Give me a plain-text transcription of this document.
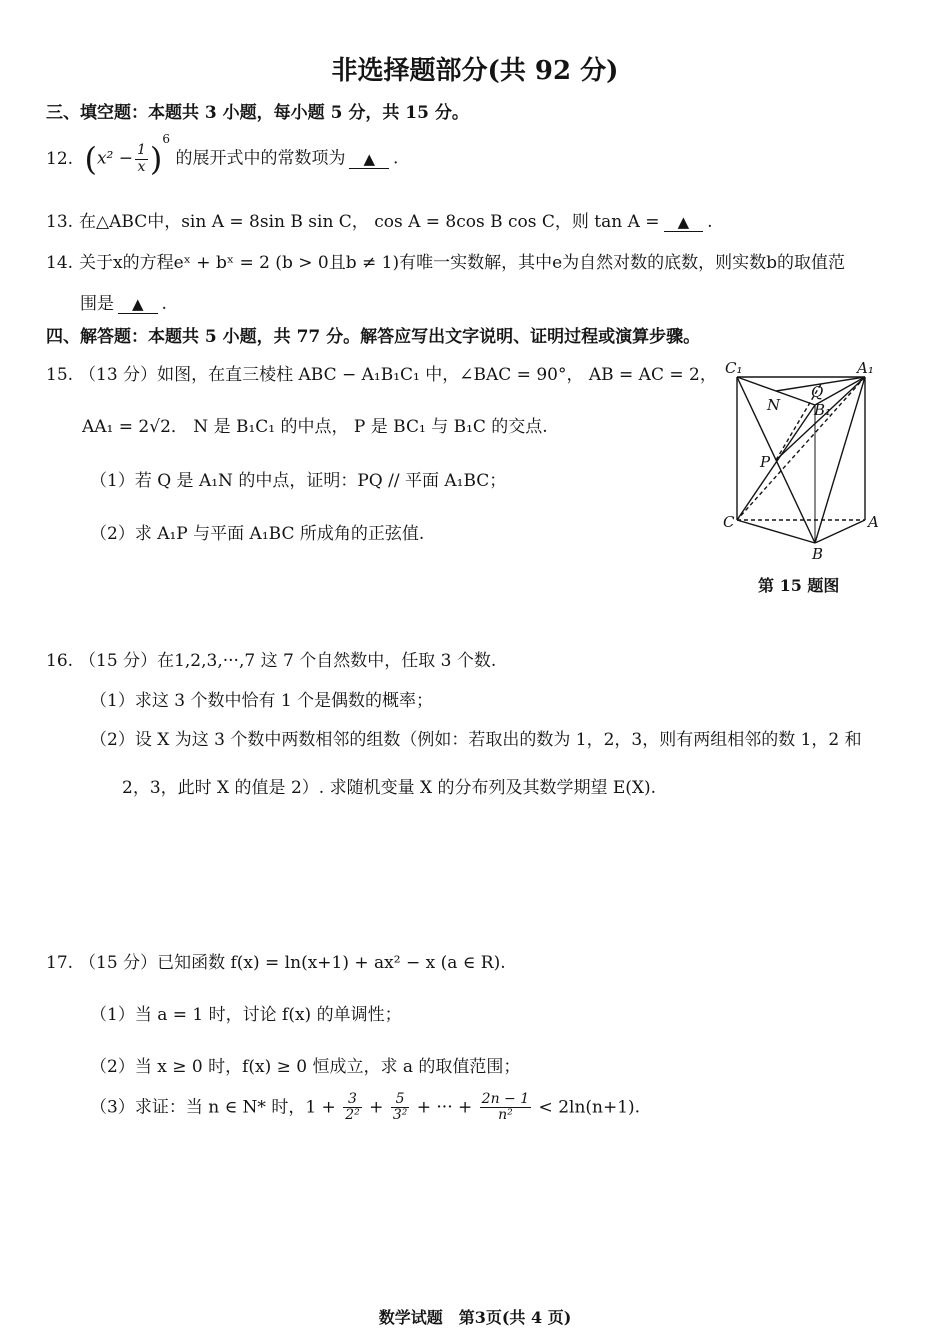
非选择题部分(共 92 分)
三、填空题：本题共 3 小题，每小题 5 分，共 15 分。
12. $(x^2 - \frac{1}{x} )^6$ 的展开式中的常数项为 ▲ .
13. 在△ABC中，sin A = 8sin B sin C， cos A = 8cos B cos C，则 tan A = ▲ .
14. 关于x的方程eˣ + bˣ = 2 (b > 0且b ≠ 1)有唯一实数解，其中e为自然对数的底数，则实数b的取值范
围是 ▲ .
四、解答题：本题共 5 小题，共 77 分。解答应写出文字说明、证明过程或演算步骤。
15. （13 分）如图，在直三棱柱 ABC − A₁B₁C₁ 中，∠BAC = 90°， AB = AC = 2，
AA₁ = 2√2． N 是 B₁C₁ 的中点， P 是 BC₁ 与 B₁C 的交点.
（1）若 Q 是 A₁N 的中点，证明：PQ // 平面 A₁BC；
（2）求 A₁P 与平面 A₁BC 所成角的正弦值.
C₁	A₁
Q
N B₁
P
C	A
B
第 15 题图
16. （15 分）在1,2,3,···,7 这 7 个自然数中，任取 3 个数.
（1）求这 3 个数中恰有 1 个是偶数的概率；
（2）设 X 为这 3 个数中两数相邻的组数（例如：若取出的数为 1，2，3，则有两组相邻的数 1，2 和
2，3，此时 X 的值是 2）. 求随机变量 X 的分布列及其数学期望 E(X).
17. （15 分）已知函数 f(x) = ln(x+1) + ax² − x (a ∈ R).
（1）当 a = 1 时，讨论 f(x) 的单调性；
（2）当 x ≥ 0 时，f(x) ≥ 0 恒成立，求 a 的取值范围；
（3）求证：当 n ∈ N* 时，$1 + \frac{3}{\text{2²}} + \frac{5}{\text{3²}}$ + ··· + $\frac{2n - 1}{\text{n²}} < 2\ln(n+1)$.
数学试题　第3页(共 4 页)
